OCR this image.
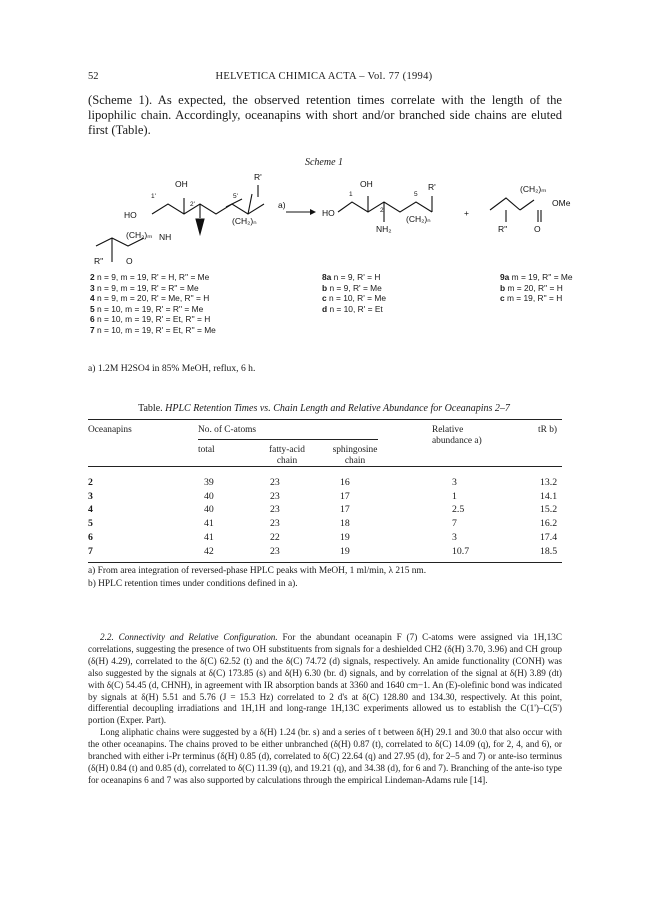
52	HELVETICA CHIMICA ACTA – Vol. 77 (1994)
(Scheme 1). As expected, the observed retention times correlate with the length of the lipophilic chain. Accordingly, oceanapins with short and/or branched side chains are eluted first (Table).
Scheme 1
OH
HO
1'
2'
5'
R'
(CH₂)ₙ
(CH₂)ₘ NH
R''	O
a)
HO
OH
1
2
5
R'
(CH₂)ₙ
NH₂
+
(CH₂)ₘ
OMe
R''	O
2 n = 9, m = 19, R' = H, R'' = Me
3 n = 9, m = 19, R' = R'' = Me
4 n = 9, m = 20, R' = Me, R'' = H
5 n = 10, m = 19, R' = R'' = Me
6 n = 10, m = 19, R' = Et, R'' = H
7 n = 10, m = 19, R' = Et, R'' = Me
8a n = 9, R' = H
b n = 9, R' = Me
c n = 10, R' = Me
d n = 10, R' = Et
9a m = 19, R'' = Me
b m = 20, R'' = H
c m = 19, R'' = H
a) 1.2M H2SO4 in 85% MeOH, reflux, 6 h.
Table. HPLC Retention Times vs. Chain Length and Relative Abundance for Oceanapins 2–7
Oceanapins	No. of C-atoms
total	fatty-acid chain
sphingosine chain
Relative abundance a)
tR b)
2	39	23	16	3	13.2
3	40	23	17	1	14.1
4	40	23	17	2.5	15.2
5	41	23	18	7	16.2
6	41	22	19	3	17.4
7	42	23	19	10.7	18.5
a) From area integration of reversed-phase HPLC peaks with MeOH, 1 ml/min, λ 215 nm.
b) HPLC retention times under conditions defined in a).

2.2. Connectivity and Relative Configuration. For the abundant oceanapin F (7) C-atoms were assigned via 1H,13C correlations, suggesting the presence of two OH substituents from signals for a deshielded CH2 (δ(H) 3.70, 3.96) and CH group (δ(H) 4.29), correlated to the δ(C) 62.52 (t) and the δ(C) 74.72 (d) signals, respectively. An amide functionality (CONH) was also suggested by the signals at δ(C) 173.85 (s) and δ(H) 6.30 (br. d) signals, and by correlation of the signal at δ(H) 3.89 (dt) with δ(C) 54.45 (d, CHNH), in agreement with IR absorption bands at 3360 and 1640 cm−1. An (E)-olefinic bond was indicated by signals at δ(H) 5.51 and 5.76 (J = 15.3 Hz) correlated to 2 d's at δ(C) 128.80 and 134.30, respectively. At this point, differential decoupling irradiations and 1H,1H and long-range 1H,13C experiments allowed us to establish the C(1')–C(5') portion (Exper. Part).

Long aliphatic chains were suggested by a δ(H) 1.24 (br. s) and a series of t between δ(H) 29.1 and 30.0 that also occur with the other oceanapins. The chains proved to be either unbranched (δ(H) 0.87 (t), correlated to δ(C) 14.09 (q), for 2, 4, and 6), or branched with either i-Pr terminus (δ(H) 0.85 (d), correlated to δ(C) 22.64 (q) and 27.95 (d), for 2–5 and 7) or ante-iso terminus (δ(H) 0.84 (t) and 0.85 (d), correlated to δ(C) 11.39 (q), and 19.21 (q), and 34.38 (d), for 6 and 7). Branching of the ante-iso type for oceanapins 6 and 7 was also supported by calculations through the empirical Lindeman-Adams rule [14].
